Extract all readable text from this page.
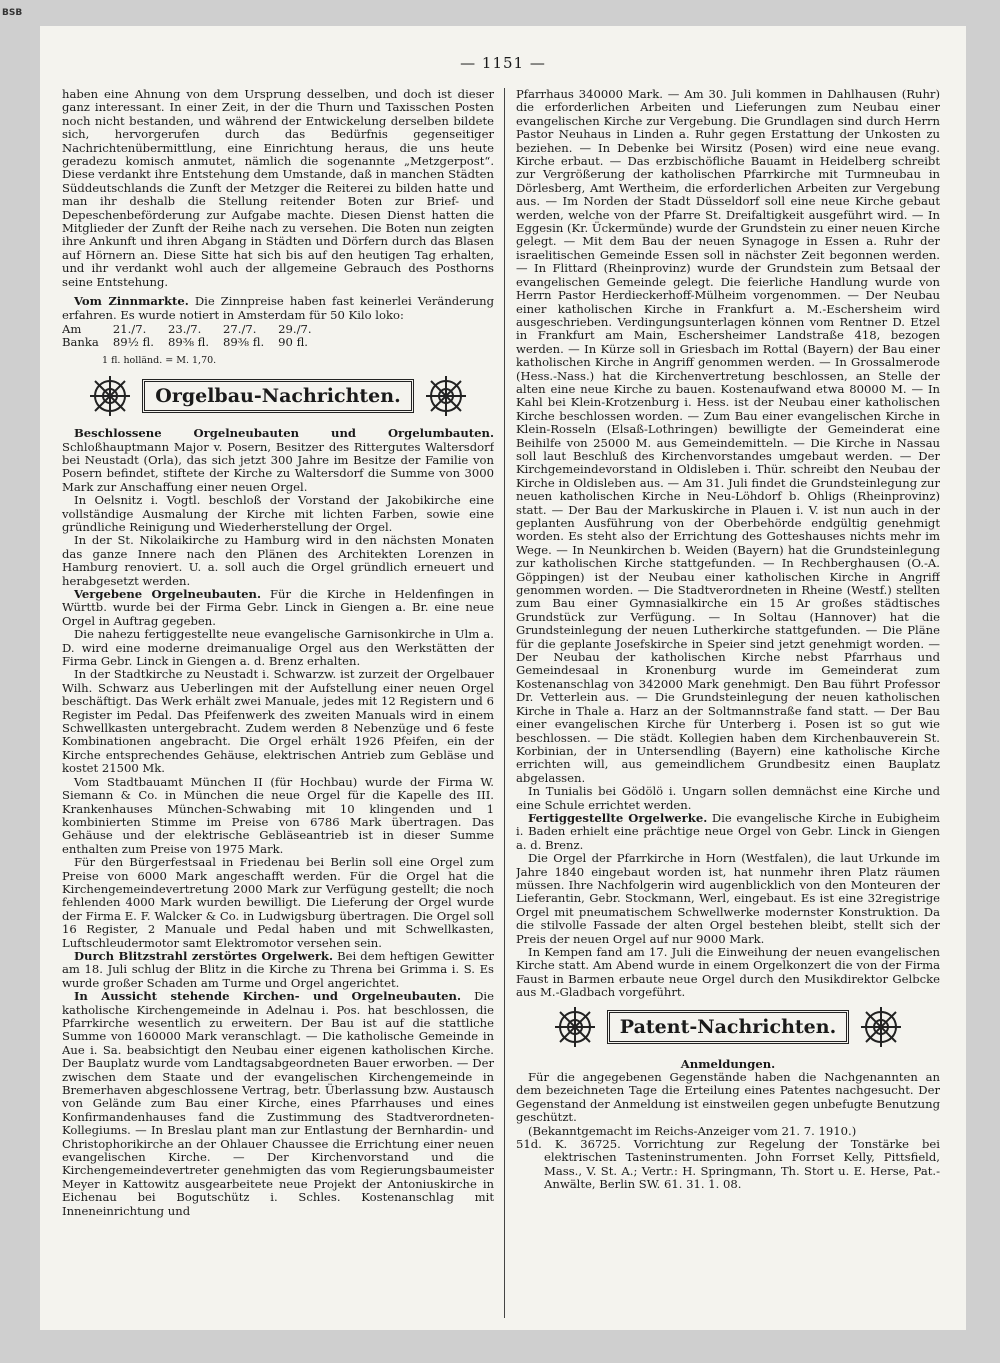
BSB
— 1151 —

haben eine Ahnung von dem Ursprung desselben, und doch ist dieser ganz interessant. In einer Zeit, in der die Thurn und Taxisschen Posten noch nicht bestanden, und während der Entwickelung derselben bildete sich, hervorgerufen durch das Bedürfnis gegenseitiger Nachrichtenübermittlung, eine Einrichtung heraus, die uns heute geradezu komisch anmutet, nämlich die sogenannte „Metzgerpost“. Diese verdankt ihre Entstehung dem Umstande, daß in manchen Städten Süddeutschlands die Zunft der Metzger die Reiterei zu bilden hatte und man ihr deshalb die Stellung reitender Boten zur Brief- und Depeschenbeförderung zur Aufgabe machte. Diesen Dienst hatten die Mitglieder der Zunft der Reihe nach zu versehen. Die Boten nun zeigten ihre Ankunft und ihren Abgang in Städten und Dörfern durch das Blasen auf Hörnern an. Diese Sitte hat sich bis auf den heutigen Tag erhalten, und ihr verdankt wohl auch der allgemeine Gebrauch des Posthorns seine Entstehung.

Vom Zinnmarkte. Die Zinnpreise haben fast keinerlei Veränderung erfahren. Es wurde notiert in Amsterdam für 50 Kilo loko:

Am	21./7.	23./7.	27./7.	29./7.
Banka	89½ fl.	89⅜ fl.	89⅜ fl.	90 fl.
1 fl. holländ. = M. 1,70.
Orgelbau-Nachrichten.

Beschlossene Orgelneubauten und Orgelumbauten. Schloßhauptmann Major v. Posern, Besitzer des Rittergutes Waltersdorf bei Neustadt (Orla), das sich jetzt 300 Jahre im Besitze der Familie von Posern befindet, stiftete der Kirche zu Waltersdorf die Summe von 3000 Mark zur Anschaffung einer neuen Orgel.

In Oelsnitz i. Vogtl. beschloß der Vorstand der Jakobikirche eine vollständige Ausmalung der Kirche mit lichten Farben, sowie eine gründliche Reinigung und Wiederherstellung der Orgel.

In der St. Nikolaikirche zu Hamburg wird in den nächsten Monaten das ganze Innere nach den Plänen des Architekten Lorenzen in Hamburg renoviert. U. a. soll auch die Orgel gründlich erneuert und herabgesetzt werden.

Vergebene Orgelneubauten. Für die Kirche in Heldenfingen in Württb. wurde bei der Firma Gebr. Linck in Giengen a. Br. eine neue Orgel in Auftrag gegeben.

Die nahezu fertiggestellte neue evangelische Garnisonkirche in Ulm a. D. wird eine moderne dreimanualige Orgel aus den Werkstätten der Firma Gebr. Linck in Giengen a. d. Brenz erhalten.

In der Stadtkirche zu Neustadt i. Schwarzw. ist zurzeit der Orgelbauer Wilh. Schwarz aus Ueberlingen mit der Aufstellung einer neuen Orgel beschäftigt. Das Werk erhält zwei Manuale, jedes mit 12 Registern und 6 Register im Pedal. Das Pfeifenwerk des zweiten Manuals wird in einem Schwellkasten untergebracht. Zudem werden 8 Nebenzüge und 6 feste Kombinationen angebracht. Die Orgel erhält 1926 Pfeifen, ein der Kirche entsprechendes Gehäuse, elektrischen Antrieb zum Gebläse und kostet 21500 Mk.

Vom Stadtbauamt München II (für Hochbau) wurde der Firma W. Siemann & Co. in München die neue Orgel für die Kapelle des III. Krankenhauses München-Schwabing mit 10 klingenden und 1 kombinierten Stimme im Preise von 6786 Mark übertragen. Das Gehäuse und der elektrische Gebläseantrieb ist in dieser Summe enthalten zum Preise von 1975 Mark.

Für den Bürgerfestsaal in Friedenau bei Berlin soll eine Orgel zum Preise von 6000 Mark angeschafft werden. Für die Orgel hat die Kirchengemeindevertretung 2000 Mark zur Verfügung gestellt; die noch fehlenden 4000 Mark wurden bewilligt. Die Lieferung der Orgel wurde der Firma E. F. Walcker & Co. in Ludwigsburg übertragen. Die Orgel soll 16 Register, 2 Manuale und Pedal haben und mit Schwellkasten, Luftschleudermotor samt Elektromotor versehen sein.

Durch Blitzstrahl zerstörtes Orgelwerk. Bei dem heftigen Gewitter am 18. Juli schlug der Blitz in die Kirche zu Threna bei Grimma i. S. Es wurde großer Schaden am Turme und Orgel angerichtet.

In Aussicht stehende Kirchen- und Orgelneubauten. Die katholische Kirchengemeinde in Adelnau i. Pos. hat beschlossen, die Pfarrkirche wesentlich zu erweitern. Der Bau ist auf die stattliche Summe von 160000 Mark veranschlagt. — Die katholische Gemeinde in Aue i. Sa. beabsichtigt den Neubau einer eigenen katholischen Kirche. Der Bauplatz wurde vom Landtagsabgeordneten Bauer erworben. — Der zwischen dem Staate und der evangelischen Kirchengemeinde in Bremerhaven abgeschlossene Vertrag, betr. Überlassung bzw. Austausch von Gelände zum Bau einer Kirche, eines Pfarrhauses und eines Konfirmandenhauses fand die Zustimmung des Stadtverordneten-Kollegiums. — In Breslau plant man zur Entlastung der Bernhardin- und Christophorikirche an der Ohlauer Chaussee die Errichtung einer neuen evangelischen Kirche. — Der Kirchenvorstand und die Kirchengemeindevertreter genehmigten das vom Regierungsbaumeister Meyer in Kattowitz ausgearbeitete neue Projekt der Antoniuskirche in Eichenau bei Bogutschütz i. Schles. Kostenanschlag mit Inneneinrichtung und

Pfarrhaus 340000 Mark. — Am 30. Juli kommen in Dahlhausen (Ruhr) die erforderlichen Arbeiten und Lieferungen zum Neubau einer evangelischen Kirche zur Vergebung. Die Grundlagen sind durch Herrn Pastor Neuhaus in Linden a. Ruhr gegen Erstattung der Unkosten zu beziehen. — In Debenke bei Wirsitz (Posen) wird eine neue evang. Kirche erbaut. — Das erzbischöfliche Bauamt in Heidelberg schreibt zur Vergrößerung der katholischen Pfarrkirche mit Turmneubau in Dörlesberg, Amt Wertheim, die erforderlichen Arbeiten zur Vergebung aus. — Im Norden der Stadt Düsseldorf soll eine neue Kirche gebaut werden, welche von der Pfarre St. Dreifaltigkeit ausgeführt wird. — In Eggesin (Kr. Ückermünde) wurde der Grundstein zu einer neuen Kirche gelegt. — Mit dem Bau der neuen Synagoge in Essen a. Ruhr der israelitischen Gemeinde Essen soll in nächster Zeit begonnen werden. — In Flittard (Rheinprovinz) wurde der Grundstein zum Betsaal der evangelischen Gemeinde gelegt. Die feierliche Handlung wurde von Herrn Pastor Herdieckerhoff-Mülheim vorgenommen. — Der Neubau einer katholischen Kirche in Frankfurt a. M.-Eschersheim wird ausgeschrieben. Verdingungsunterlagen können vom Rentner D. Etzel in Frankfurt am Main, Eschersheimer Landstraße 418, bezogen werden. — In Kürze soll in Griesbach im Rottal (Bayern) der Bau einer katholischen Kirche in Angriff genommen werden. — In Grossalmerode (Hess.-Nass.) hat die Kirchenvertretung beschlossen, an Stelle der alten eine neue Kirche zu bauen. Kostenaufwand etwa 80000 M. — In Kahl bei Klein-Krotzenburg i. Hess. ist der Neubau einer katholischen Kirche beschlossen worden. — Zum Bau einer evangelischen Kirche in Klein-Rosseln (Elsaß-Lothringen) bewilligte der Gemeinderat eine Beihilfe von 25000 M. aus Gemeindemitteln. — Die Kirche in Nassau soll laut Beschluß des Kirchenvorstandes umgebaut werden. — Der Kirchgemeindevorstand in Oldisleben i. Thür. schreibt den Neubau der Kirche in Oldisleben aus. — Am 31. Juli findet die Grundsteinlegung zur neuen katholischen Kirche in Neu-Löhdorf b. Ohligs (Rheinprovinz) statt. — Der Bau der Markuskirche in Plauen i. V. ist nun auch in der geplanten Ausführung von der Oberbehörde endgültig genehmigt worden. Es steht also der Errichtung des Gotteshauses nichts mehr im Wege. — In Neunkirchen b. Weiden (Bayern) hat die Grundsteinlegung zur katholischen Kirche stattgefunden. — In Rechberghausen (O.-A. Göppingen) ist der Neubau einer katholischen Kirche in Angriff genommen worden. — Die Stadtverordneten in Rheine (Westf.) stellten zum Bau einer Gymnasialkirche ein 15 Ar großes städtisches Grundstück zur Verfügung. — In Soltau (Hannover) hat die Grundsteinlegung der neuen Lutherkirche stattgefunden. — Die Pläne für die geplante Josefskirche in Speier sind jetzt genehmigt worden. — Der Neubau der katholischen Kirche nebst Pfarrhaus und Gemeindesaal in Kronenburg wurde im Gemeinderat zum Kostenanschlag von 342000 Mark genehmigt. Den Bau führt Professor Dr. Vetterlein aus. — Die Grundsteinlegung der neuen katholischen Kirche in Thale a. Harz an der Soltmannstraße fand statt. — Der Bau einer evangelischen Kirche für Unterberg i. Posen ist so gut wie beschlossen. — Die städt. Kollegien haben dem Kirchenbauverein St. Korbinian, der in Untersendling (Bayern) eine katholische Kirche errichten will, aus gemeindlichem Grundbesitz einen Bauplatz abgelassen.

In Tunialis bei Gödölö i. Ungarn sollen demnächst eine Kirche und eine Schule errichtet werden.

Fertiggestellte Orgelwerke. Die evangelische Kirche in Eubigheim i. Baden erhielt eine prächtige neue Orgel von Gebr. Linck in Giengen a. d. Brenz.

Die Orgel der Pfarrkirche in Horn (Westfalen), die laut Urkunde im Jahre 1840 eingebaut worden ist, hat nunmehr ihren Platz räumen müssen. Ihre Nachfolgerin wird augenblicklich von den Monteuren der Lieferantin, Gebr. Stockmann, Werl, eingebaut. Es ist eine 32registrige Orgel mit pneumatischem Schwellwerke modernster Konstruktion. Da die stilvolle Fassade der alten Orgel bestehen bleibt, stellt sich der Preis der neuen Orgel auf nur 9000 Mark.

In Kempen fand am 17. Juli die Einweihung der neuen evangelischen Kirche statt. Am Abend wurde in einem Orgelkonzert die von der Firma Faust in Barmen erbaute neue Orgel durch den Musikdirektor Gelbcke aus M.-Gladbach vorgeführt.

Patent-Nachrichten.

Anmeldungen.

Für die angegebenen Gegenstände haben die Nachgenannten an dem bezeichneten Tage die Erteilung eines Patentes nachgesucht. Der Gegenstand der Anmeldung ist einstweilen gegen unbefugte Benutzung geschützt.

(Bekanntgemacht im Reichs-Anzeiger vom 21. 7. 1910.)

51d. K. 36725. Vorrichtung zur Regelung der Tonstärke bei elektrischen Tasteninstrumenten. John Forrset Kelly, Pittsfield, Mass., V. St. A.; Vertr.: H. Springmann, Th. Stort u. E. Herse, Pat.-Anwälte, Berlin SW. 61. 31. 1. 08.
